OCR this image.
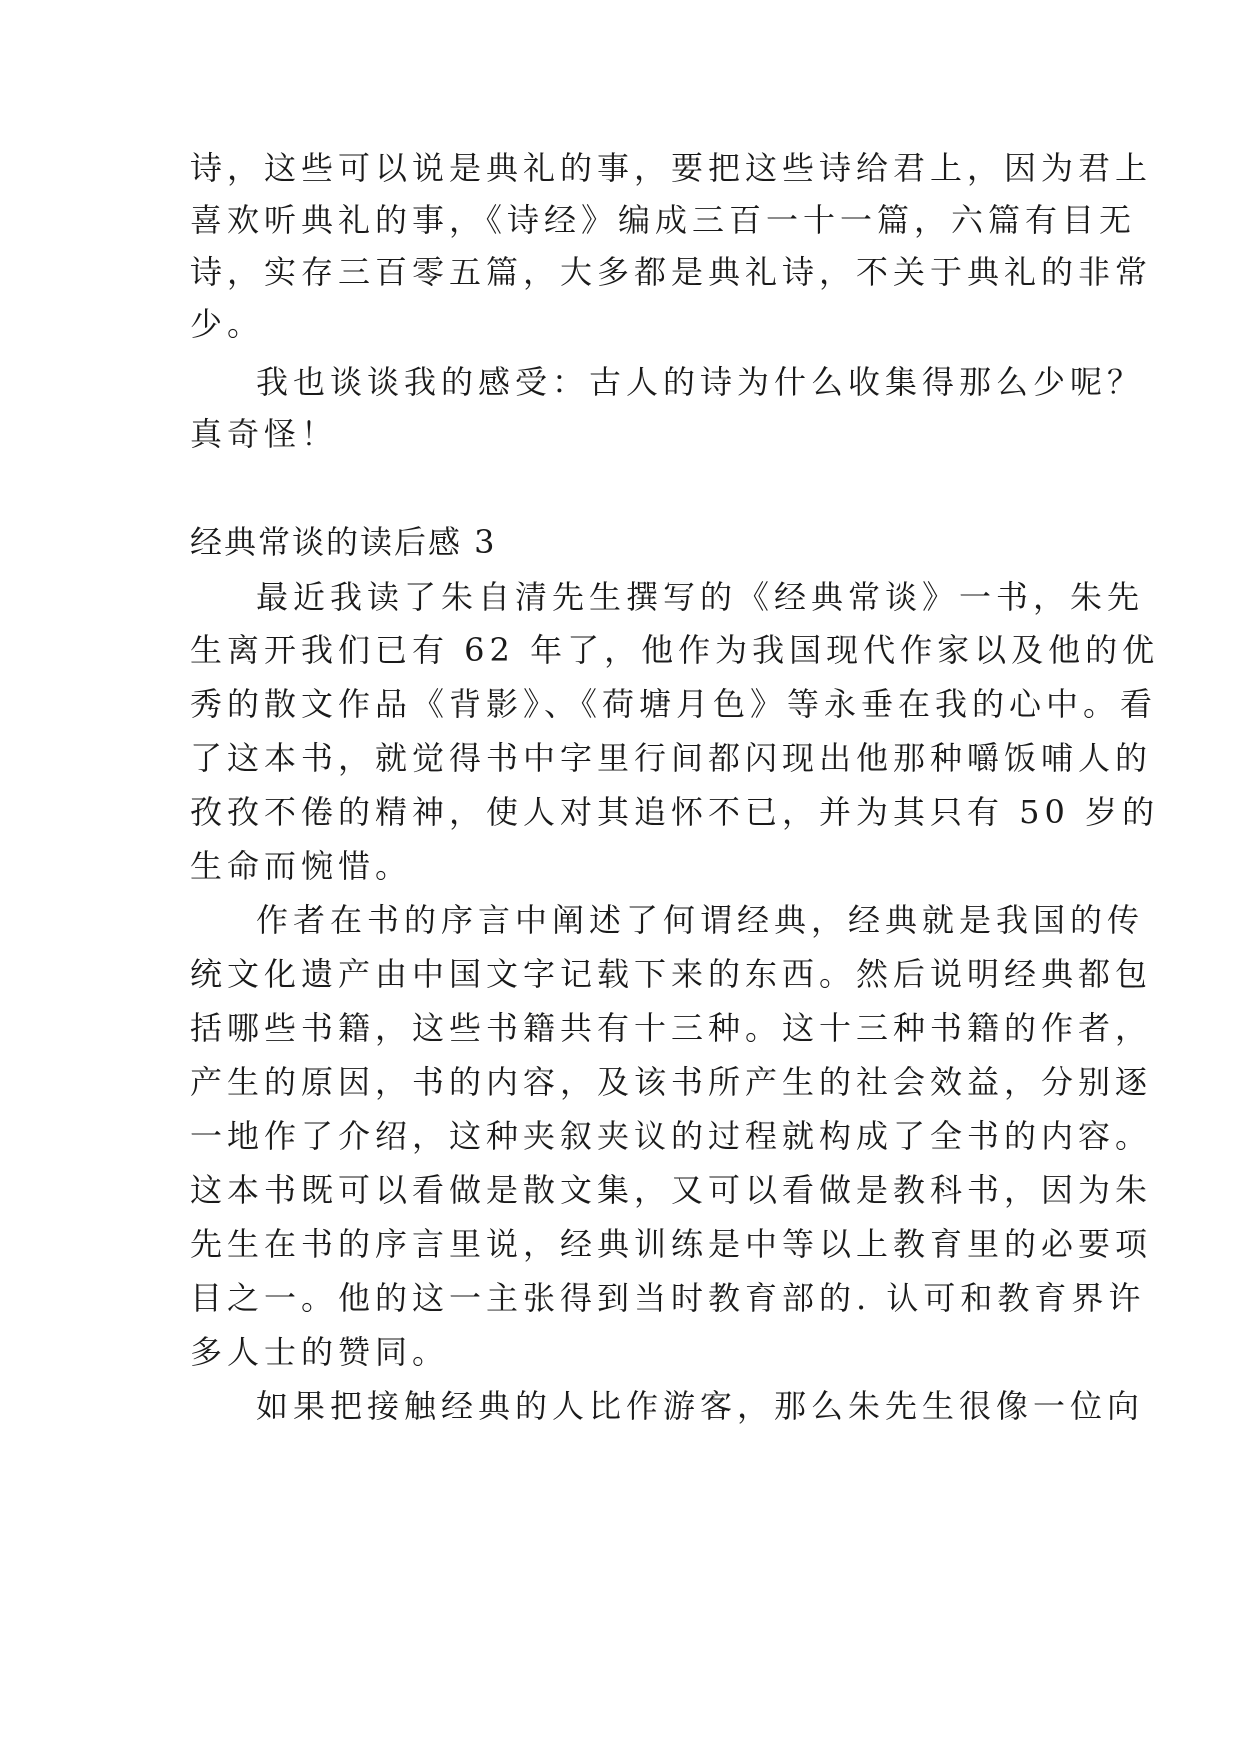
诗，这些可以说是典礼的事，要把这些诗给君上，因为君上
喜欢听典礼的事，《诗经》编成三百一十一篇，六篇有目无
诗，实存三百零五篇，大多都是典礼诗，不关于典礼的非常
少。
我也谈谈我的感受：古人的诗为什么收集得那么少呢？
真奇怪！
经典常谈的读后感 3
最近我读了朱自清先生撰写的《经典常谈》一书，朱先
生离开我们已有 62 年了，他作为我国现代作家以及他的优
秀的散文作品《背影》、《荷塘月色》等永垂在我的心中。看
了这本书，就觉得书中字里行间都闪现出他那种嚼饭哺人的
孜孜不倦的精神，使人对其追怀不已，并为其只有 50 岁的
生命而惋惜。
作者在书的序言中阐述了何谓经典，经典就是我国的传
统文化遗产由中国文字记载下来的东西。然后说明经典都包
括哪些书籍，这些书籍共有十三种。这十三种书籍的作者，
产生的原因，书的内容，及该书所产生的社会效益，分别逐
一地作了介绍，这种夹叙夹议的过程就构成了全书的内容。
这本书既可以看做是散文集，又可以看做是教科书，因为朱
先生在书的序言里说，经典训练是中等以上教育里的必要项
目之一。他的这一主张得到当时教育部的. 认可和教育界许
多人士的赞同。
如果把接触经典的人比作游客，那么朱先生很像一位向
